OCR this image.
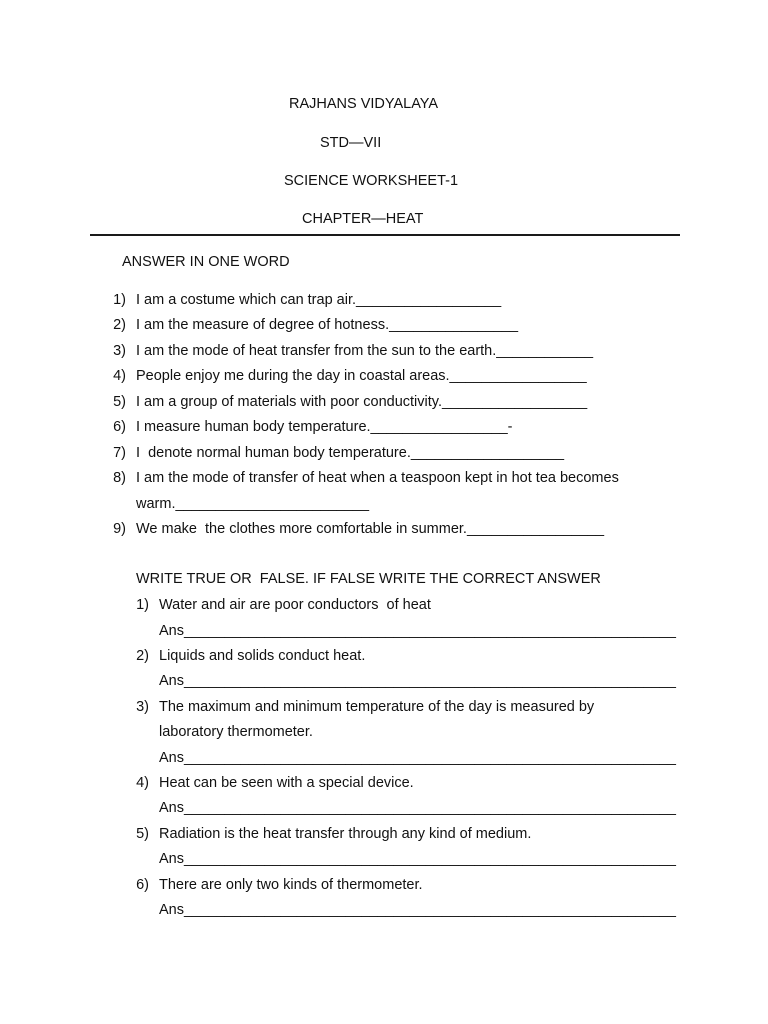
RAJHANS VIDYALAYA
STD—VII
SCIENCE WORKSHEET-1
CHAPTER—HEAT
ANSWER IN ONE WORD
1) I am a costume which can trap air.__________________
2) I am the measure of degree of hotness.________________
3) I am the mode of heat transfer from the sun to the earth.____________
4) People enjoy me during the day in coastal areas._________________
5) I am a group of materials with poor conductivity.__________________
6) I measure human body temperature._________________-
7) I  denote normal human body temperature.___________________
8) I am the mode of transfer of heat when a teaspoon kept in hot tea becomes
warm.________________________
9) We make  the clothes more comfortable in summer._________________
WRITE TRUE OR  FALSE. IF FALSE WRITE THE CORRECT ANSWER
1) Water and air are poor conductors  of heat
Ans_____________________________________________________________
2) Liquids and solids conduct heat.
Ans_____________________________________________________________
3) The maximum and minimum temperature of the day is measured by
laboratory thermometer.
Ans_____________________________________________________________
4) Heat can be seen with a special device.
Ans_____________________________________________________________
5) Radiation is the heat transfer through any kind of medium.
Ans_____________________________________________________________
6) There are only two kinds of thermometer.
Ans_____________________________________________________________
